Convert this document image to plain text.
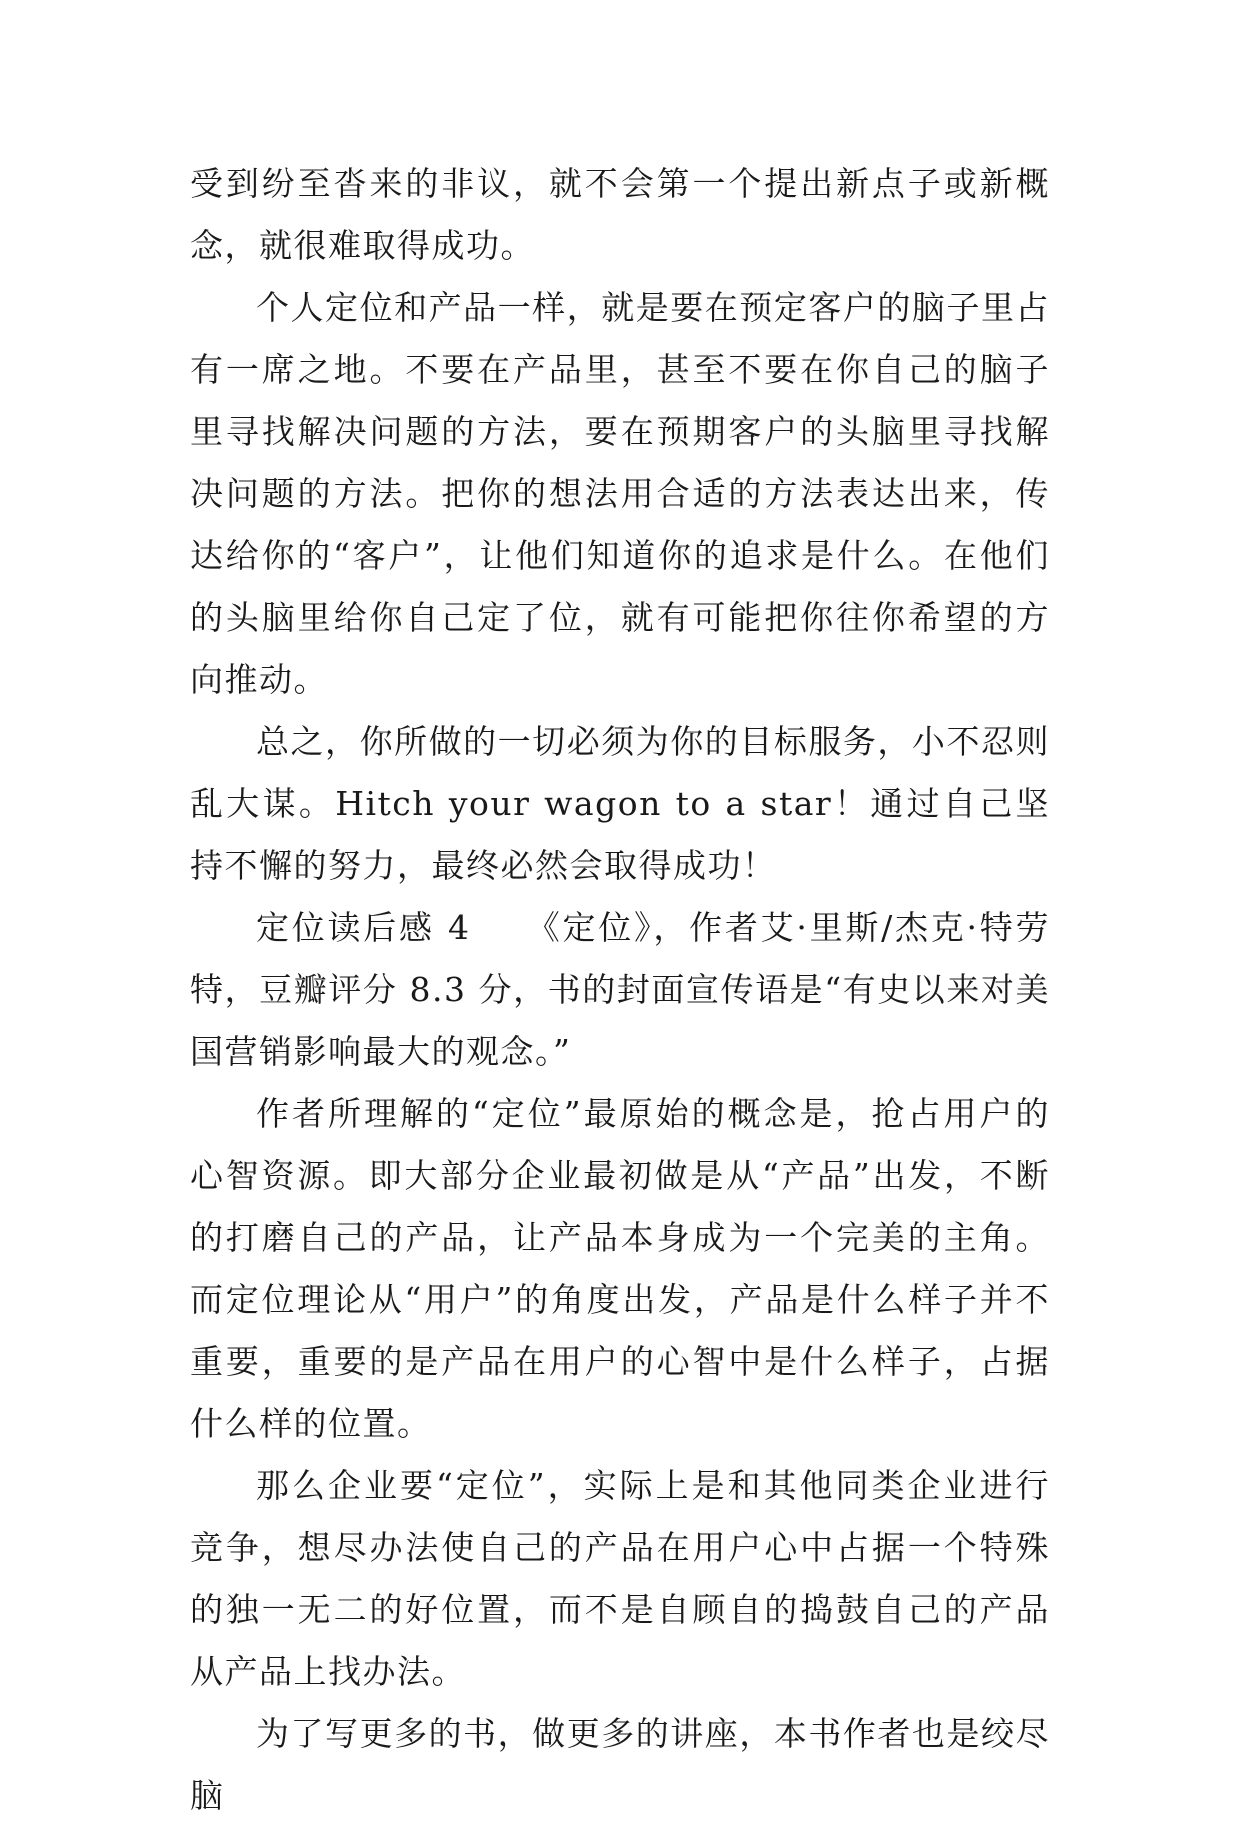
受到纷至沓来的非议，就不会第一个提出新点子或新概念，就很难取得成功。

个人定位和产品一样，就是要在预定客户的脑子里占有一席之地。不要在产品里，甚至不要在你自己的脑子里寻找解决问题的方法，要在预期客户的头脑里寻找解决问题的方法。把你的想法用合适的方法表达出来，传达给你的“客户”，让他们知道你的追求是什么。在他们的头脑里给你自己定了位，就有可能把你往你希望的方向推动。

总之，你所做的一切必须为你的目标服务，小不忍则乱大谋。Hitch your wagon to a star！通过自己坚持不懈的努力，最终必然会取得成功！

定位读后感 4　　《定位》，作者艾·里斯/杰克·特劳特，豆瓣评分 8.3 分，书的封面宣传语是“有史以来对美国营销影响最大的观念。”

作者所理解的“定位”最原始的概念是，抢占用户的心智资源。即大部分企业最初做是从“产品”出发，不断的打磨自己的产品，让产品本身成为一个完美的主角。而定位理论从“用户”的角度出发，产品是什么样子并不重要，重要的是产品在用户的心智中是什么样子，占据什么样的位置。

那么企业要“定位”，实际上是和其他同类企业进行竞争，想尽办法使自己的产品在用户心中占据一个特殊的独一无二的好位置，而不是自顾自的捣鼓自己的产品从产品上找办法。

为了写更多的书，做更多的讲座，本书作者也是绞尽脑
